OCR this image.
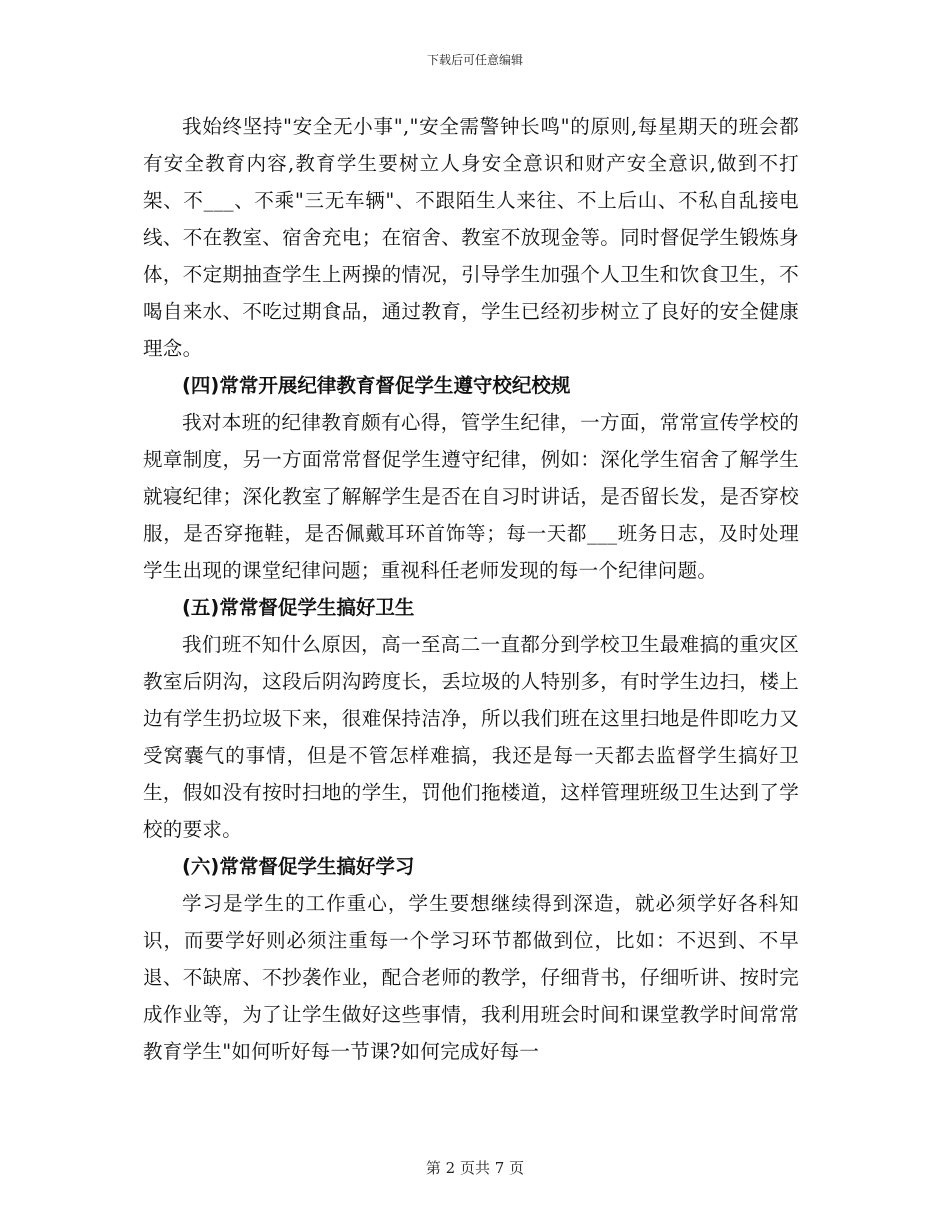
下载后可任意编辑

我始终坚持"安全无小事","安全需警钟长鸣"的原则,每星期天的班会都有安全教育内容,教育学生要树立人身安全意识和财产安全意识,做到不打架、不___、不乘"三无车辆"、不跟陌生人来往、不上后山、不私自乱接电线、不在教室、宿舍充电；在宿舍、教室不放现金等。同时督促学生锻炼身体，不定期抽查学生上两操的情况，引导学生加强个人卫生和饮食卫生，不喝自来水、不吃过期食品，通过教育，学生已经初步树立了良好的安全健康理念。

(四)常常开展纪律教育督促学生遵守校纪校规

我对本班的纪律教育颇有心得，管学生纪律，一方面，常常宣传学校的规章制度，另一方面常常督促学生遵守纪律，例如：深化学生宿舍了解学生就寝纪律；深化教室了解解学生是否在自习时讲话，是否留长发，是否穿校服，是否穿拖鞋，是否佩戴耳环首饰等；每一天都___班务日志，及时处理学生出现的课堂纪律问题；重视科任老师发现的每一个纪律问题。

(五)常常督促学生搞好卫生

我们班不知什么原因，高一至高二一直都分到学校卫生最难搞的重灾区教室后阴沟，这段后阴沟跨度长，丢垃圾的人特别多，有时学生边扫，楼上边有学生扔垃圾下来，很难保持洁净，所以我们班在这里扫地是件即吃力又受窝囊气的事情，但是不管怎样难搞，我还是每一天都去监督学生搞好卫生，假如没有按时扫地的学生，罚他们拖楼道，这样管理班级卫生达到了学校的要求。

(六)常常督促学生搞好学习

学习是学生的工作重心，学生要想继续得到深造，就必须学好各科知识，而要学好则必须注重每一个学习环节都做到位，比如：不迟到、不早退、不缺席、不抄袭作业，配合老师的教学，仔细背书，仔细听讲、按时完成作业等，为了让学生做好这些事情，我利用班会时间和课堂教学时间常常教育学生"如何听好每一节课?如何完成好每一

第 2 页共 7 页
